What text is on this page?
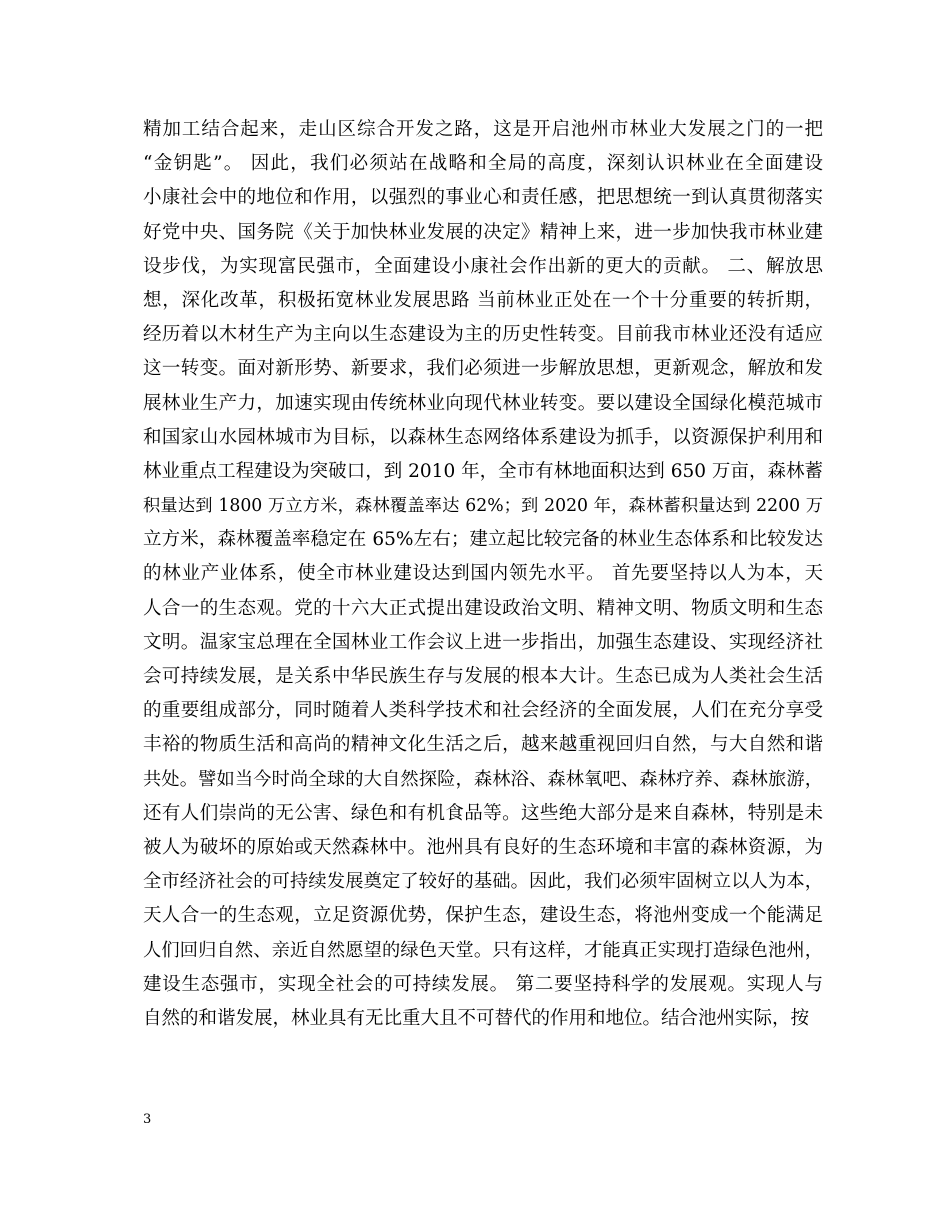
精加工结合起来，走山区综合开发之路，这是开启池州市林业大发展之门的一把
“金钥匙”。 因此，我们必须站在战略和全局的高度，深刻认识林业在全面建设
小康社会中的地位和作用，以强烈的事业心和责任感，把思想统一到认真贯彻落实
好党中央、国务院《关于加快林业发展的决定》精神上来，进一步加快我市林业建
设步伐，为实现富民强市，全面建设小康社会作出新的更大的贡献。 二、解放思
想，深化改革，积极拓宽林业发展思路 当前林业正处在一个十分重要的转折期，
经历着以木材生产为主向以生态建设为主的历史性转变。目前我市林业还没有适应
这一转变。面对新形势、新要求，我们必须进一步解放思想，更新观念，解放和发
展林业生产力，加速实现由传统林业向现代林业转变。要以建设全国绿化模范城市
和国家山水园林城市为目标，以森林生态网络体系建设为抓手，以资源保护利用和
林业重点工程建设为突破口，到 2010 年，全市有林地面积达到 650 万亩，森林蓄
积量达到 1800 万立方米，森林覆盖率达 62%；到 2020 年，森林蓄积量达到 2200 万
立方米，森林覆盖率稳定在 65%左右；建立起比较完备的林业生态体系和比较发达
的林业产业体系，使全市林业建设达到国内领先水平。 首先要坚持以人为本，天
人合一的生态观。党的十六大正式提出建设政治文明、精神文明、物质文明和生态
文明。温家宝总理在全国林业工作会议上进一步指出，加强生态建设、实现经济社
会可持续发展，是关系中华民族生存与发展的根本大计。生态已成为人类社会生活
的重要组成部分，同时随着人类科学技术和社会经济的全面发展，人们在充分享受
丰裕的物质生活和高尚的精神文化生活之后，越来越重视回归自然，与大自然和谐
共处。譬如当今时尚全球的大自然探险，森林浴、森林氧吧、森林疗养、森林旅游，
还有人们崇尚的无公害、绿色和有机食品等。这些绝大部分是来自森林，特别是未
被人为破坏的原始或天然森林中。池州具有良好的生态环境和丰富的森林资源，为
全市经济社会的可持续发展奠定了较好的基础。因此，我们必须牢固树立以人为本，
天人合一的生态观，立足资源优势，保护生态，建设生态，将池州变成一个能满足
人们回归自然、亲近自然愿望的绿色天堂。只有这样，才能真正实现打造绿色池州，
建设生态强市，实现全社会的可持续发展。 第二要坚持科学的发展观。实现人与
自然的和谐发展，林业具有无比重大且不可替代的作用和地位。结合池州实际，按
3
